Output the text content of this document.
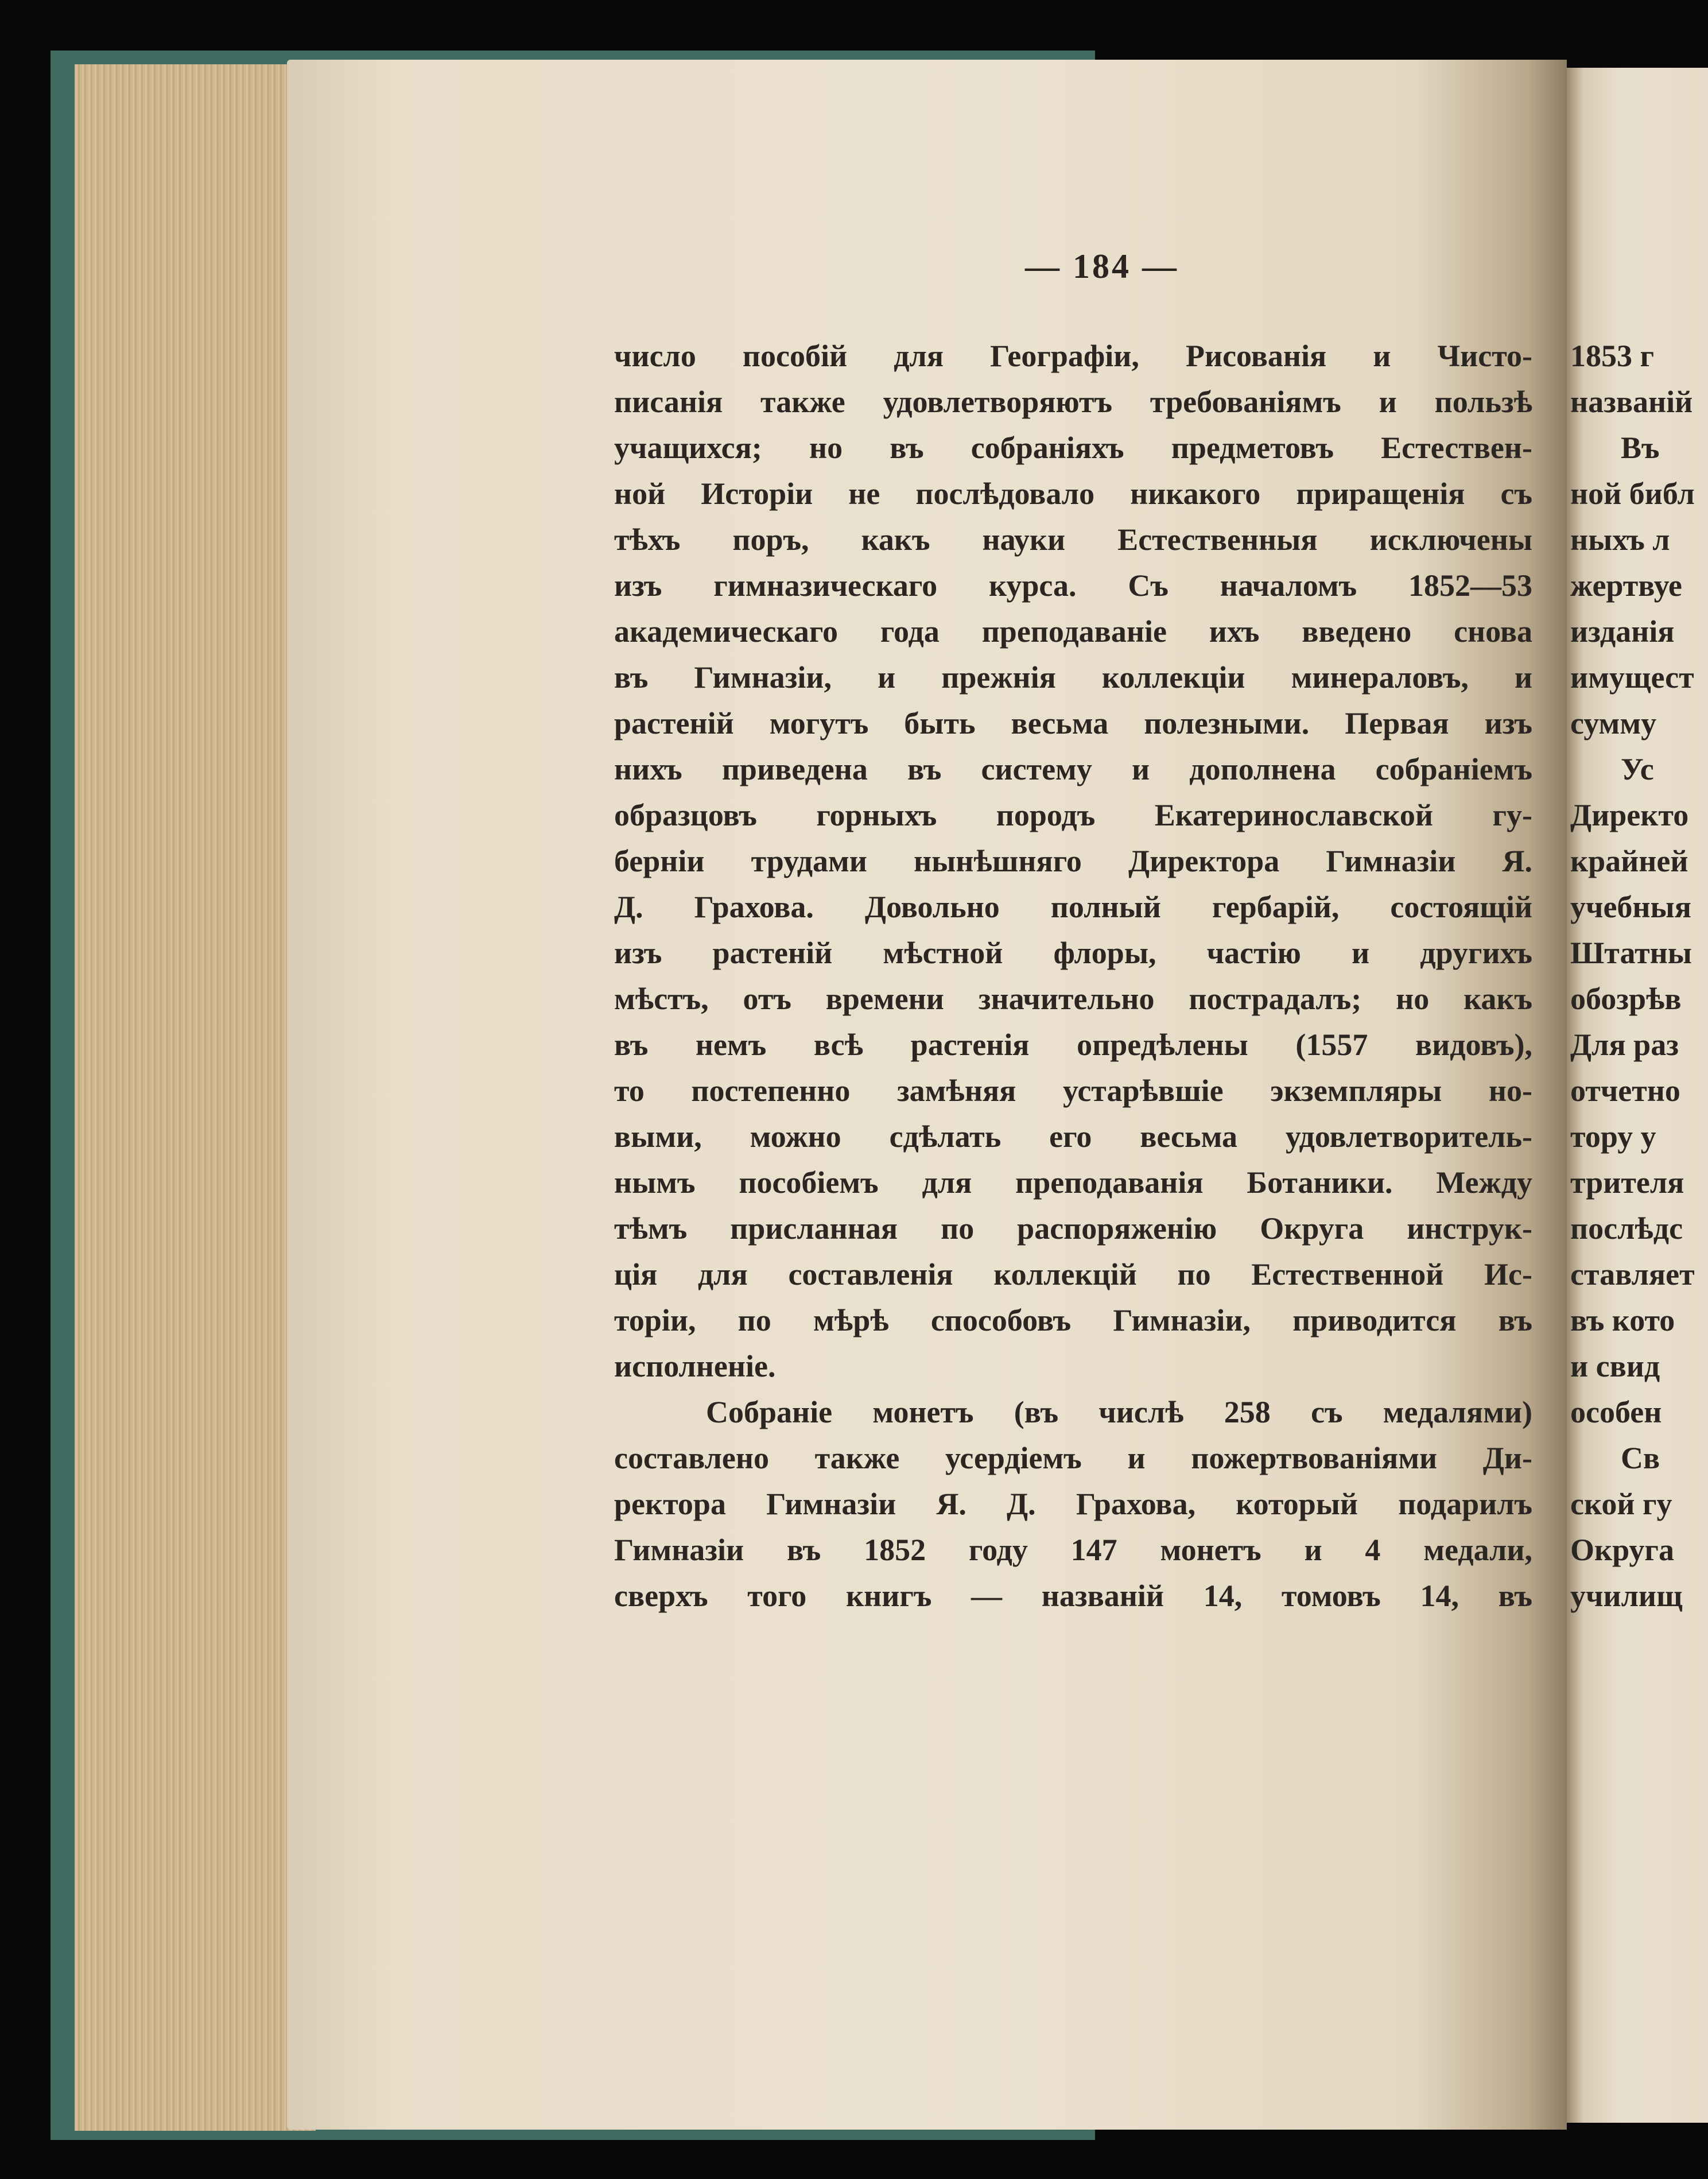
— 184 —
число пособій для Географіи, Рисованія и Чисто-
писанія также удовлетворяютъ требованіямъ и пользѣ
учащихся; но въ собраніяхъ предметовъ Естествен-
ной Исторіи не послѣдовало никакого приращенія съ
тѣхъ поръ, какъ науки Естественныя исключены
изъ гимназическаго курса. Съ началомъ 1852—53
академическаго года преподаваніе ихъ введено снова
въ Гимназіи, и прежнія коллекціи минераловъ, и
растеній могутъ быть весьма полезными. Первая изъ
нихъ приведена въ систему и дополнена собраніемъ
образцовъ горныхъ породъ Екатеринославской гу-
берніи трудами нынѣшняго Директора Гимназіи Я.
Д. Грахова. Довольно полный гербарій, состоящій
изъ растеній мѣстной флоры, частію и другихъ
мѣстъ, отъ времени значительно пострадалъ; но какъ
въ немъ всѣ растенія опредѣлены (1557 видовъ),
то постепенно замѣняя устарѣвшіе экземпляры но-
выми, можно сдѣлать его весьма удовлетворитель-
нымъ пособіемъ для преподаванія Ботаники. Между
тѣмъ присланная по распоряженію Округа инструк-
ція для составленія коллекцій по Естественной Ис-
торіи, по мѣрѣ способовъ Гимназіи, приводится въ
исполненіе.
Собраніе монетъ (въ числѣ 258 съ медалями)
составлено также усердіемъ и пожертвованіями Ди-
ректора Гимназіи Я. Д. Грахова, который подарилъ
Гимназіи въ 1852 году 147 монетъ и 4 медали,
сверхъ того книгъ — названій 14, томовъ 14, въ
1853 г
названій
Въ
ной библ
ныхъ л
жертвуе
изданія
имущест
сумму
Ус
Директо
крайней
учебныя
Штатны
обозрѣв
Для раз
отчетно
тору у
трителя
послѣдс
ставляет
въ кото
и свид
особен
Св
ской гу
Округа
училищ
